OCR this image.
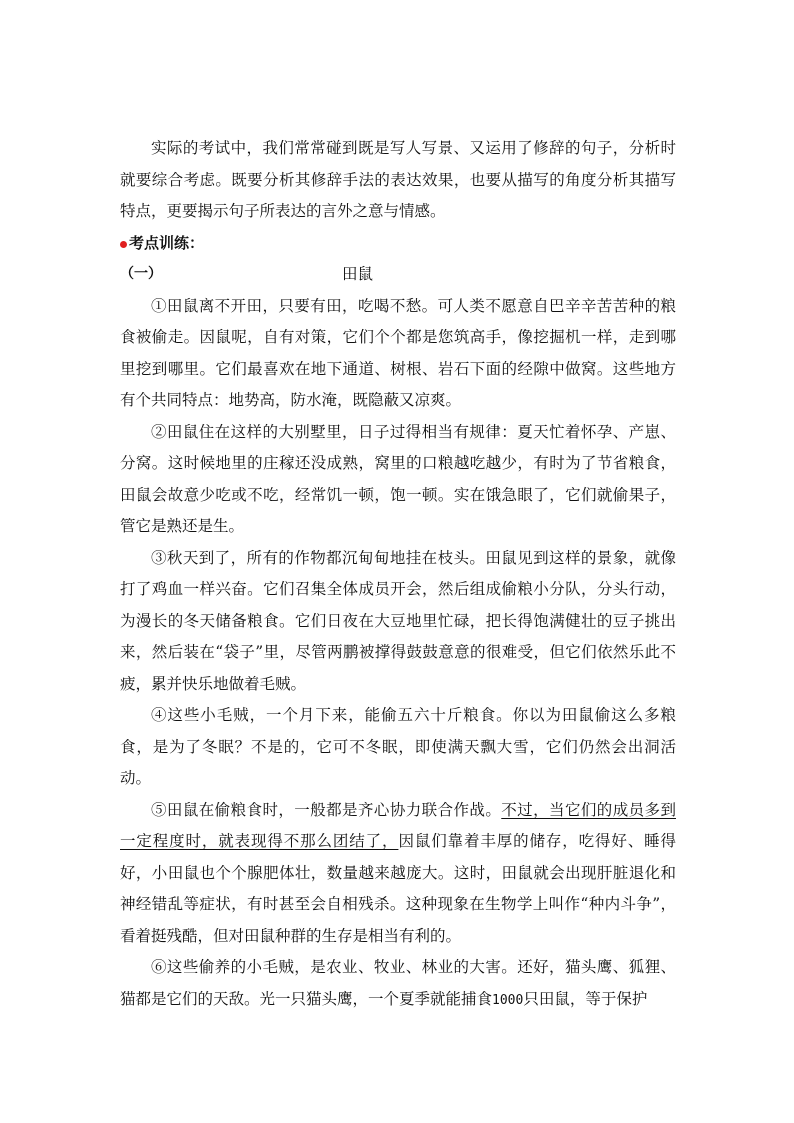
实际的考试中，我们常常碰到既是写人写景、又运用了修辞的句子，分析时就要综合考虑。既要分析其修辞手法的表达效果，也要从描写的角度分析其描写特点，更要揭示句子所表达的言外之意与情感。

考点训练：

（一）	田鼠

①田鼠离不开田，只要有田，吃喝不愁。可人类不愿意自巴辛辛苦苦种的粮食被偷走。因鼠呢，自有对策，它们个个都是您筑高手，像挖掘机一样，走到哪里挖到哪里。它们最喜欢在地下通道、树根、岩石下面的经隙中做窝。这些地方有个共同特点：地势高，防水淹，既隐蔽又凉爽。

②田鼠住在这样的大别墅里，日子过得相当有规律：夏天忙着怀孕、产崽、分窝。这时候地里的庄稼还没成熟，窝里的口粮越吃越少，有时为了节省粮食，田鼠会故意少吃或不吃，经常饥一顿，饱一顿。实在饿急眼了，它们就偷果子，管它是熟还是生。

③秋天到了，所有的作物都沉甸甸地挂在枝头。田鼠见到这样的景象，就像打了鸡血一样兴奋。它们召集全体成员开会，然后组成偷粮小分队，分头行动，为漫长的冬天储备粮食。它们日夜在大豆地里忙碌，把长得饱满健壮的豆子挑出来，然后装在“袋子”里，尽管两鹏被撑得鼓鼓意意的很难受，但它们依然乐此不疲，累并快乐地做着毛贼。

④这些小毛贼，一个月下来，能偷五六十斤粮食。你以为田鼠偷这么多粮食，是为了冬眠？不是的，它可不冬眠，即使满天飘大雪，它们仍然会出洞活动。

⑤田鼠在偷粮食时，一般都是齐心协力联合作战。不过，当它们的成员多到一定程度时，就表现得不那么团结了，因鼠们靠着丰厚的储存，吃得好、睡得好，小田鼠也个个腺肥体壮，数量越来越庞大。这时，田鼠就会出现肝脏退化和神经错乱等症状，有时甚至会自相残杀。这种现象在生物学上叫作“种内斗争”，看着挺残酷，但对田鼠种群的生存是相当有利的。

⑥这些偷养的小毛贼，是农业、牧业、林业的大害。还好，猫头鹰、狐狸、猫都是它们的天敌。光一只猫头鹰，一个夏季就能捕食1000只田鼠，等于保护
